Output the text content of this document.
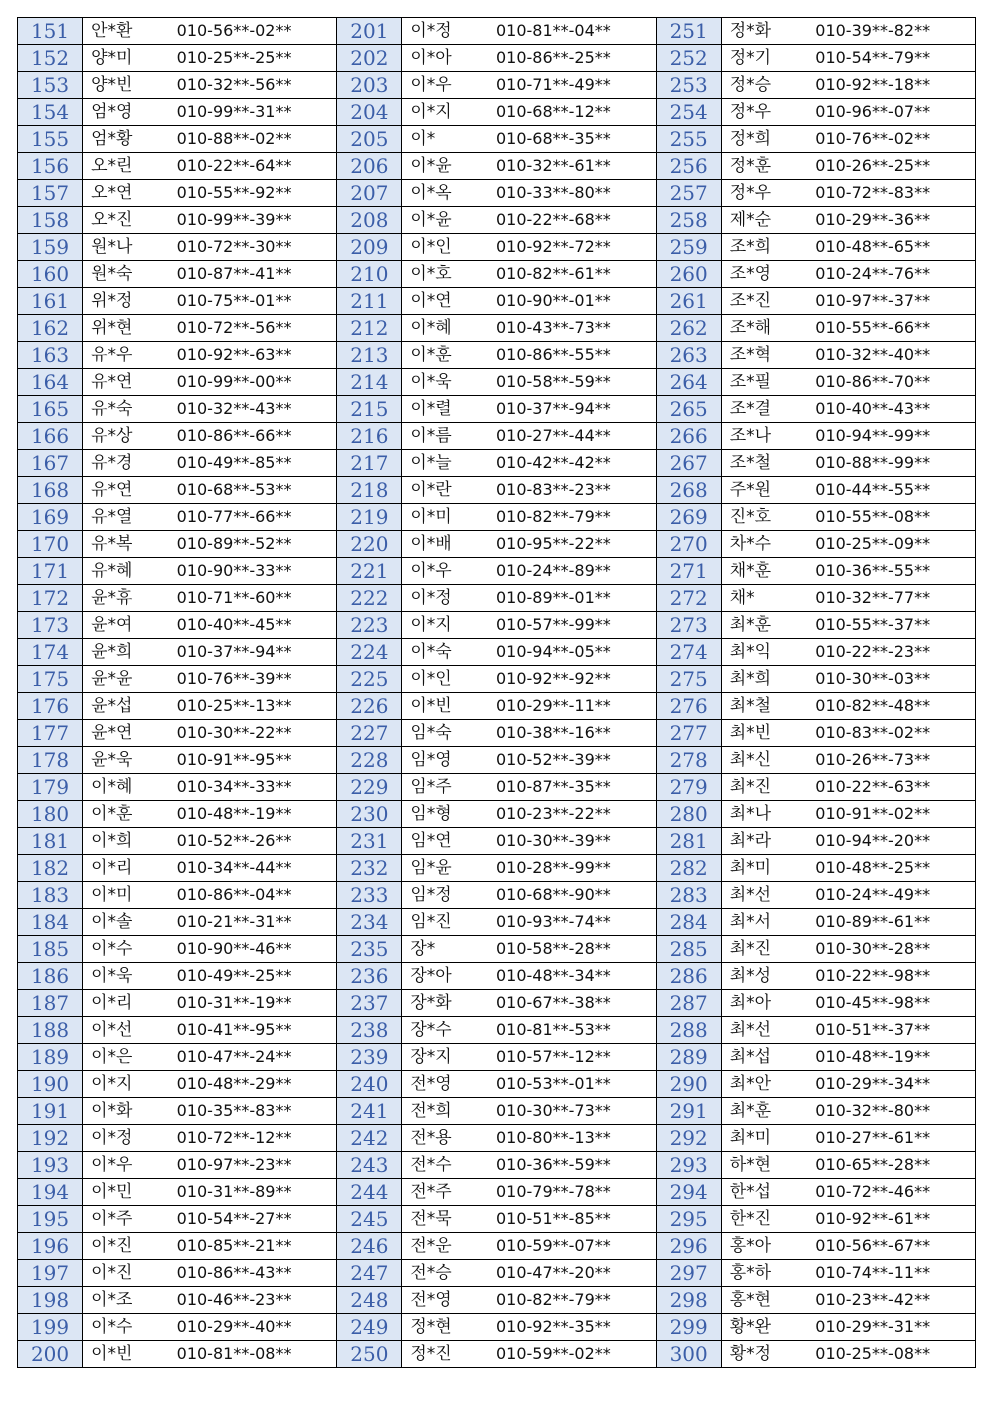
151	안*환	010-56**-02**	201	이*정	010-81**-04**	251	정*화	010-39**-82**
152	양*미	010-25**-25**	202	이*아	010-86**-25**	252	정*기	010-54**-79**
153	양*빈	010-32**-56**	203	이*우	010-71**-49**	253	정*승	010-92**-18**
154	엄*영	010-99**-31**	204	이*지	010-68**-12**	254	정*우	010-96**-07**
155	엄*황	010-88**-02**	205	이*	010-68**-35**	255	정*희	010-76**-02**
156	오*린	010-22**-64**	206	이*윤	010-32**-61**	256	정*훈	010-26**-25**
157	오*연	010-55**-92**	207	이*옥	010-33**-80**	257	정*우	010-72**-83**
158	오*진	010-99**-39**	208	이*윤	010-22**-68**	258	제*순	010-29**-36**
159	원*나	010-72**-30**	209	이*인	010-92**-72**	259	조*희	010-48**-65**
160	원*숙	010-87**-41**	210	이*호	010-82**-61**	260	조*영	010-24**-76**
161	위*정	010-75**-01**	211	이*연	010-90**-01**	261	조*진	010-97**-37**
162	위*현	010-72**-56**	212	이*혜	010-43**-73**	262	조*해	010-55**-66**
163	유*우	010-92**-63**	213	이*훈	010-86**-55**	263	조*혁	010-32**-40**
164	유*연	010-99**-00**	214	이*욱	010-58**-59**	264	조*필	010-86**-70**
165	유*숙	010-32**-43**	215	이*렬	010-37**-94**	265	조*결	010-40**-43**
166	유*상	010-86**-66**	216	이*름	010-27**-44**	266	조*나	010-94**-99**
167	유*경	010-49**-85**	217	이*늘	010-42**-42**	267	조*철	010-88**-99**
168	유*연	010-68**-53**	218	이*란	010-83**-23**	268	주*원	010-44**-55**
169	유*열	010-77**-66**	219	이*미	010-82**-79**	269	진*호	010-55**-08**
170	유*복	010-89**-52**	220	이*배	010-95**-22**	270	차*수	010-25**-09**
171	유*혜	010-90**-33**	221	이*우	010-24**-89**	271	채*훈	010-36**-55**
172	윤*휴	010-71**-60**	222	이*정	010-89**-01**	272	채*	010-32**-77**
173	윤*여	010-40**-45**	223	이*지	010-57**-99**	273	최*훈	010-55**-37**
174	윤*희	010-37**-94**	224	이*숙	010-94**-05**	274	최*익	010-22**-23**
175	윤*윤	010-76**-39**	225	이*인	010-92**-92**	275	최*희	010-30**-03**
176	윤*섭	010-25**-13**	226	이*빈	010-29**-11**	276	최*철	010-82**-48**
177	윤*연	010-30**-22**	227	임*숙	010-38**-16**	277	최*빈	010-83**-02**
178	윤*욱	010-91**-95**	228	임*영	010-52**-39**	278	최*신	010-26**-73**
179	이*혜	010-34**-33**	229	임*주	010-87**-35**	279	최*진	010-22**-63**
180	이*훈	010-48**-19**	230	임*형	010-23**-22**	280	최*나	010-91**-02**
181	이*희	010-52**-26**	231	임*연	010-30**-39**	281	최*라	010-94**-20**
182	이*리	010-34**-44**	232	임*윤	010-28**-99**	282	최*미	010-48**-25**
183	이*미	010-86**-04**	233	임*정	010-68**-90**	283	최*선	010-24**-49**
184	이*솔	010-21**-31**	234	임*진	010-93**-74**	284	최*서	010-89**-61**
185	이*수	010-90**-46**	235	장*	010-58**-28**	285	최*진	010-30**-28**
186	이*욱	010-49**-25**	236	장*아	010-48**-34**	286	최*성	010-22**-98**
187	이*리	010-31**-19**	237	장*화	010-67**-38**	287	최*아	010-45**-98**
188	이*선	010-41**-95**	238	장*수	010-81**-53**	288	최*선	010-51**-37**
189	이*은	010-47**-24**	239	장*지	010-57**-12**	289	최*섭	010-48**-19**
190	이*지	010-48**-29**	240	전*영	010-53**-01**	290	최*안	010-29**-34**
191	이*화	010-35**-83**	241	전*희	010-30**-73**	291	최*훈	010-32**-80**
192	이*정	010-72**-12**	242	전*용	010-80**-13**	292	최*미	010-27**-61**
193	이*우	010-97**-23**	243	전*수	010-36**-59**	293	하*현	010-65**-28**
194	이*민	010-31**-89**	244	전*주	010-79**-78**	294	한*섭	010-72**-46**
195	이*주	010-54**-27**	245	전*묵	010-51**-85**	295	한*진	010-92**-61**
196	이*진	010-85**-21**	246	전*운	010-59**-07**	296	홍*아	010-56**-67**
197	이*진	010-86**-43**	247	전*승	010-47**-20**	297	홍*하	010-74**-11**
198	이*조	010-46**-23**	248	전*영	010-82**-79**	298	홍*현	010-23**-42**
199	이*수	010-29**-40**	249	정*현	010-92**-35**	299	황*완	010-29**-31**
200	이*빈	010-81**-08**	250	정*진	010-59**-02**	300	황*정	010-25**-08**
